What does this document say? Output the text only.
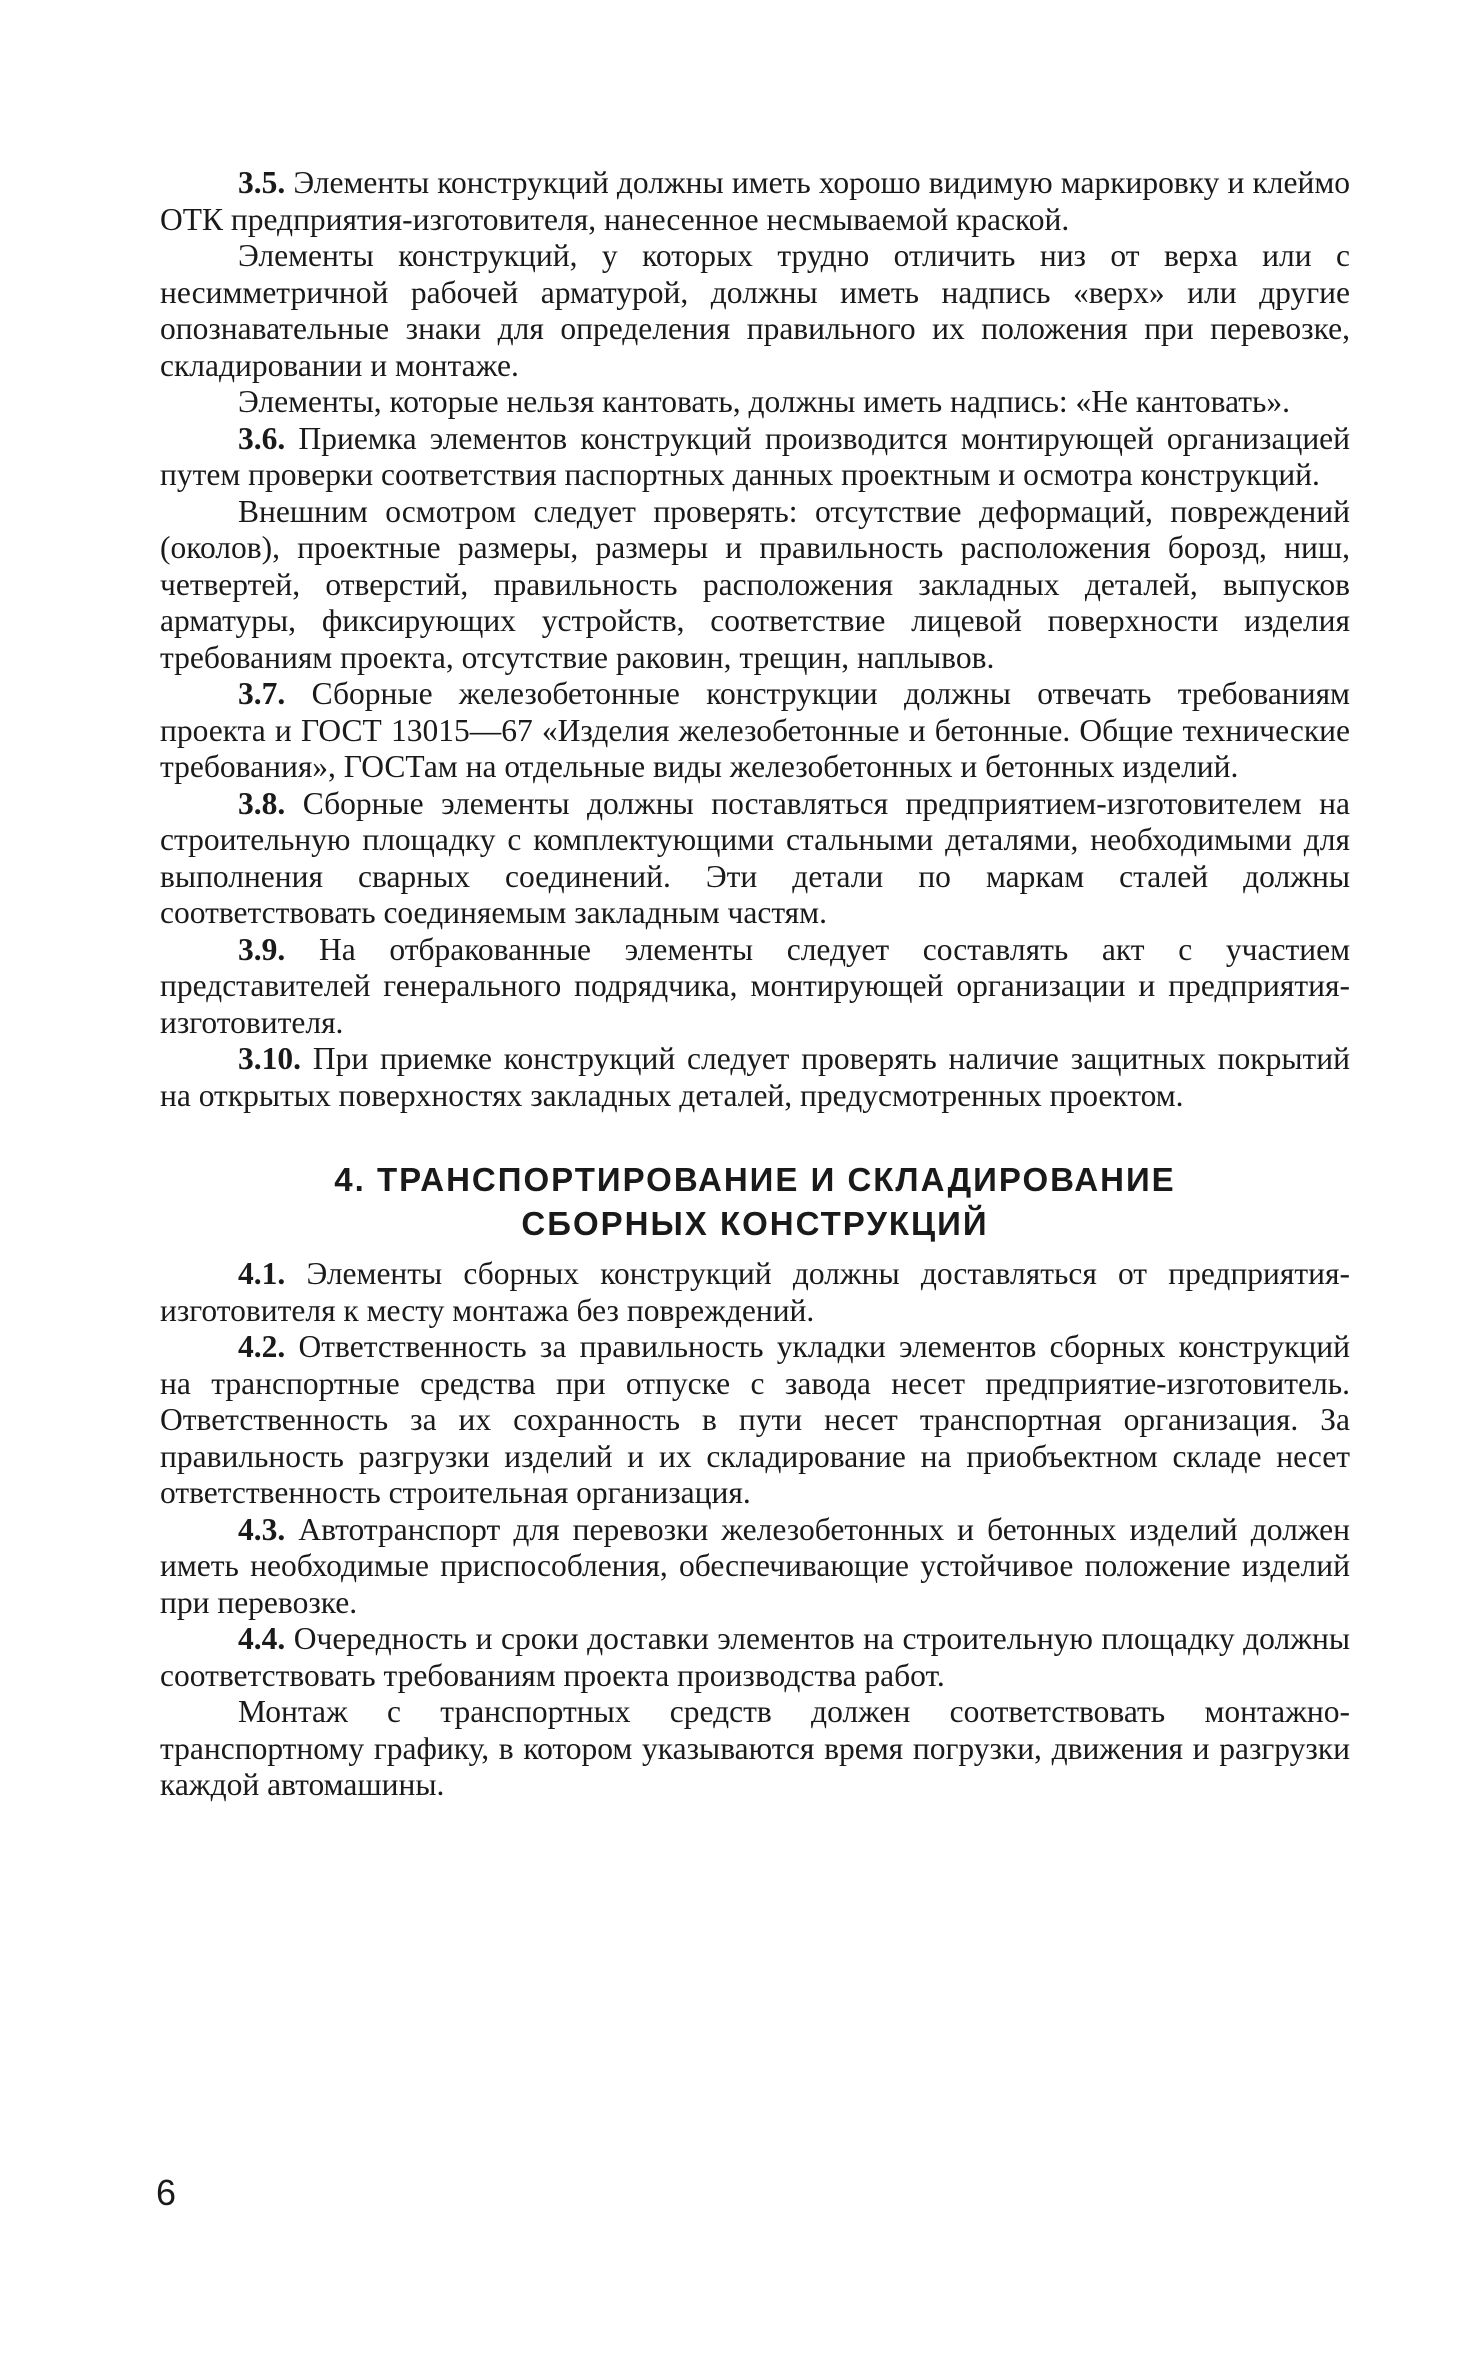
3.5. Элементы конструкций должны иметь хорошо видимую маркировку и клеймо ОТК предприятия-изготовителя, нанесенное несмываемой краской.

Элементы конструкций, у которых трудно отличить низ от верха или с несимметричной рабочей арматурой, должны иметь надпись «верх» или другие опознавательные знаки для определения правильного их положения при перевозке, складировании и монтаже.

Элементы, которые нельзя кантовать, должны иметь надпись: «Не кантовать».

3.6. Приемка элементов конструкций производится монтирующей организацией путем проверки соответствия паспортных данных проектным и осмотра конструкций.

Внешним осмотром следует проверять: отсутствие деформаций, повреждений (околов), проектные размеры, размеры и правильность расположения борозд, ниш, четвертей, отверстий, правильность расположения закладных деталей, выпусков арматуры, фиксирующих устройств, соответствие лицевой поверхности изделия требованиям проекта, отсутствие раковин, трещин, наплывов.

3.7. Сборные железобетонные конструкции должны отвечать требованиям проекта и ГОСТ 13015—67 «Изделия железобетонные и бетонные. Общие технические требования», ГОСТам на отдельные виды железобетонных и бетонных изделий.

3.8. Сборные элементы должны поставляться предприятием-изготовителем на строительную площадку с комплектующими стальными деталями, необходимыми для выполнения сварных соединений. Эти детали по маркам сталей должны соответствовать соединяемым закладным частям.

3.9. На отбракованные элементы следует составлять акт с участием представителей генерального подрядчика, монтирующей организации и предприятия-изготовителя.

3.10. При приемке конструкций следует проверять наличие защитных покрытий на открытых поверхностях закладных деталей, предусмотренных проектом.

4. ТРАНСПОРТИРОВАНИЕ И СКЛАДИРОВАНИЕ
СБОРНЫХ КОНСТРУКЦИЙ

4.1. Элементы сборных конструкций должны доставляться от предприятия-изготовителя к месту монтажа без повреждений.

4.2. Ответственность за правильность укладки элементов сборных конструкций на транспортные средства при отпуске с завода несет предприятие-изготовитель. Ответственность за их сохранность в пути несет транспортная организация. За правильность разгрузки изделий и их складирование на приобъектном складе несет ответственность строительная организация.

4.3. Автотранспорт для перевозки железобетонных и бетонных изделий должен иметь необходимые приспособления, обеспечивающие устойчивое положение изделий при перевозке.

4.4. Очередность и сроки доставки элементов на строительную площадку должны соответствовать требованиям проекта производства работ.

Монтаж с транспортных средств должен соответствовать монтажно-транспортному графику, в котором указываются время погрузки, движения и разгрузки каждой автомашины.

6
